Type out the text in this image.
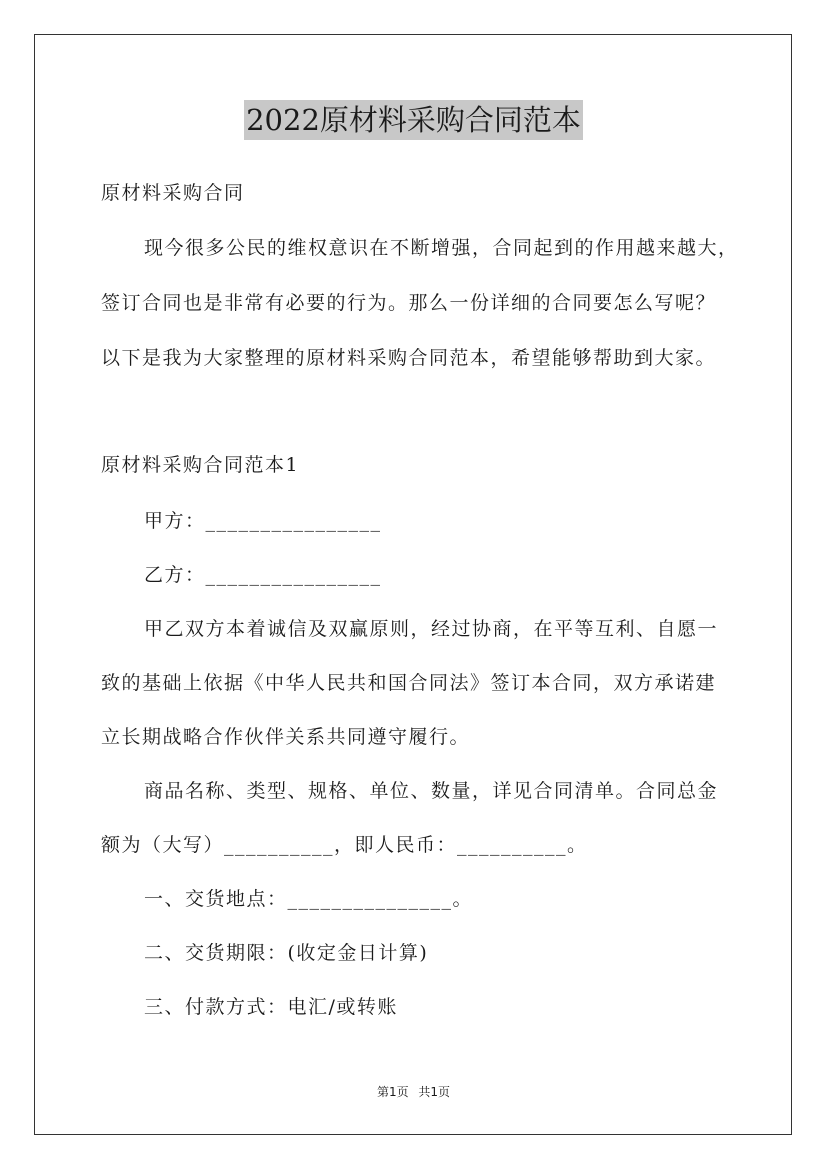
2022原材料采购合同范本
原材料采购合同
现今很多公民的维权意识在不断增强，合同起到的作用越来越大，
签订合同也是非常有必要的行为。那么一份详细的合同要怎么写呢？
以下是我为大家整理的原材料采购合同范本，希望能够帮助到大家。
原材料采购合同范本1
甲方：________________
乙方：________________
甲乙双方本着诚信及双赢原则，经过协商，在平等互利、自愿一
致的基础上依据《中华人民共和国合同法》签订本合同，双方承诺建
立长期战略合作伙伴关系共同遵守履行。
商品名称、类型、规格、单位、数量，详见合同清单。合同总金
额为（大写）__________，即人民币：__________。
一、交货地点：_______________。
二、交货期限：(收定金日计算)
三、付款方式：电汇/或转账
第1页 共1页
